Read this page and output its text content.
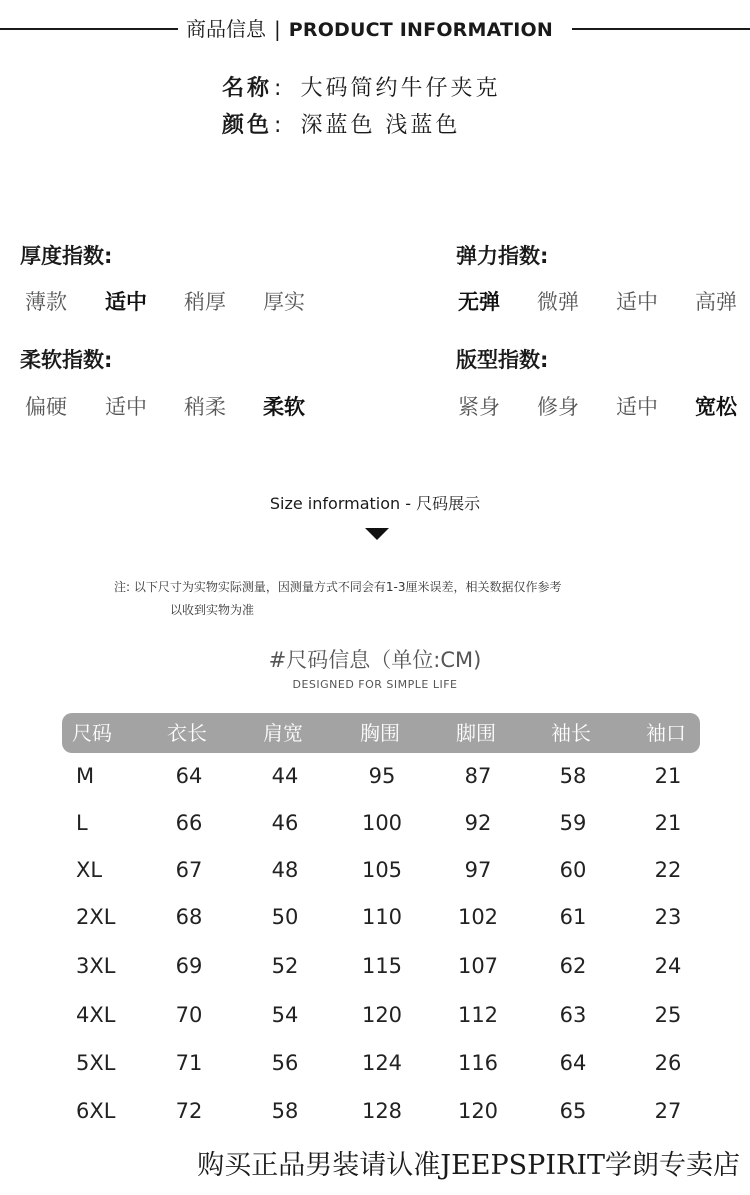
商品信息 | PRODUCT INFORMATION
名称: 大码简约牛仔夹克
颜色: 深蓝色 浅蓝色
厚度指数:	弹力指数:
柔软指数:	版型指数:
薄款 适中 稍厚 厚实	无弹 微弹 适中 高弹
偏硬 适中 稍柔 柔软	紧身 修身 适中 宽松
Size information - 尺码展示
注: 以下尺寸为实物实际测量，因测量方式不同会有1-3厘米误差，相关数据仅作参考
以收到实物为准
#尺码信息（单位:CM)
DESIGNED FOR SIMPLE LIFE
尺码	衣长	肩宽	胸围	脚围	袖长	袖口
M	64	44	95	87	58	21
L	66	46	100	92	59	21
XL	67	48	105	97	60	22
2XL	68	50	110	102	61	23
3XL	69	52	115	107	62	24
4XL	70	54	120	112	63	25
5XL	71	56	124	116	64	26
6XL	72	58	128	120	65	27
购买正品男装请认准JEEPSPIRIT学朗专卖店
